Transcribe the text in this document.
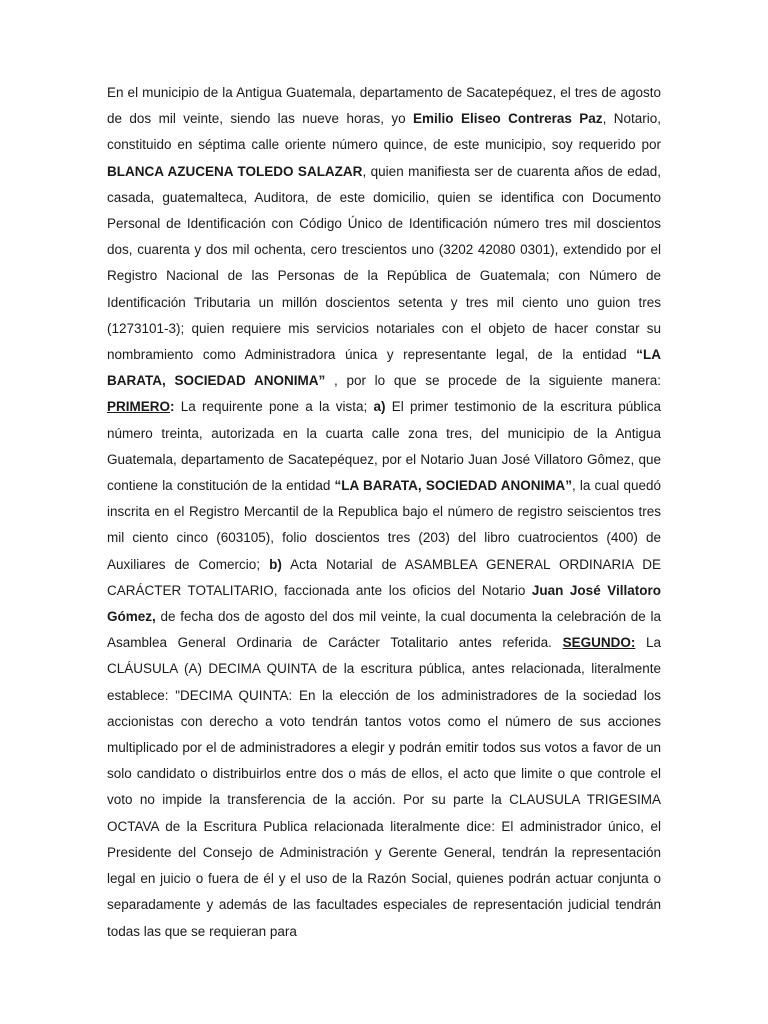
En el municipio de la Antigua Guatemala, departamento de Sacatepéquez, el tres de agosto de dos mil veinte, siendo las nueve horas, yo Emilio Eliseo Contreras Paz, Notario, constituido en séptima calle oriente número quince, de este municipio, soy requerido por BLANCA AZUCENA TOLEDO SALAZAR, quien manifiesta ser de cuarenta años de edad, casada, guatemalteca, Auditora, de este domicilio, quien se identifica con Documento Personal de Identificación con Código Único de Identificación número tres mil doscientos dos, cuarenta y dos mil ochenta, cero trescientos uno (3202 42080 0301), extendido por el Registro Nacional de las Personas de la República de Guatemala; con Número de Identificación Tributaria un millón doscientos setenta y tres mil ciento uno guion tres (1273101-3); quien requiere mis servicios notariales con el objeto de hacer constar su nombramiento como Administradora única y representante legal, de la entidad “LA BARATA, SOCIEDAD ANONIMA” , por lo que se procede de la siguiente manera: PRIMERO: La requirente pone a la vista; a) El primer testimonio de la escritura pública número treinta, autorizada en la cuarta calle zona tres, del municipio de la Antigua Guatemala, departamento de Sacatepéquez, por el Notario Juan José Villatoro Gômez, que contiene la constitución de la entidad “LA BARATA, SOCIEDAD ANONIMA”, la cual quedó inscrita en el Registro Mercantil de la Republica bajo el número de registro seiscientos tres mil ciento cinco (603105), folio doscientos tres (203) del libro cuatrocientos (400) de Auxiliares de Comercio; b) Acta Notarial de ASAMBLEA GENERAL ORDINARIA DE CARÁCTER TOTALITARIO, faccionada ante los oficios del Notario Juan José Villatoro Gómez, de fecha dos de agosto del dos mil veinte, la cual documenta la celebración de la Asamblea General Ordinaria de Carácter Totalitario antes referida. SEGUNDO: La CLÁUSULA (A) DECIMA QUINTA de la escritura pública, antes relacionada, literalmente establece: "DECIMA QUINTA: En la elección de los administradores de la sociedad los accionistas con derecho a voto tendrán tantos votos como el número de sus acciones multiplicado por el de administradores a elegir y podrán emitir todos sus votos a favor de un solo candidato o distribuirlos entre dos o más de ellos, el acto que limite o que controle el voto no impide la transferencia de la acción. Por su parte la CLAUSULA TRIGESIMA OCTAVA de la Escritura Publica relacionada literalmente dice: El administrador único, el Presidente del Consejo de Administración y Gerente General, tendrán la representación legal en juicio o fuera de él y el uso de la Razón Social, quienes podrán actuar conjunta o separadamente y además de las facultades especiales de representación judicial tendrán todas las que se requieran para
